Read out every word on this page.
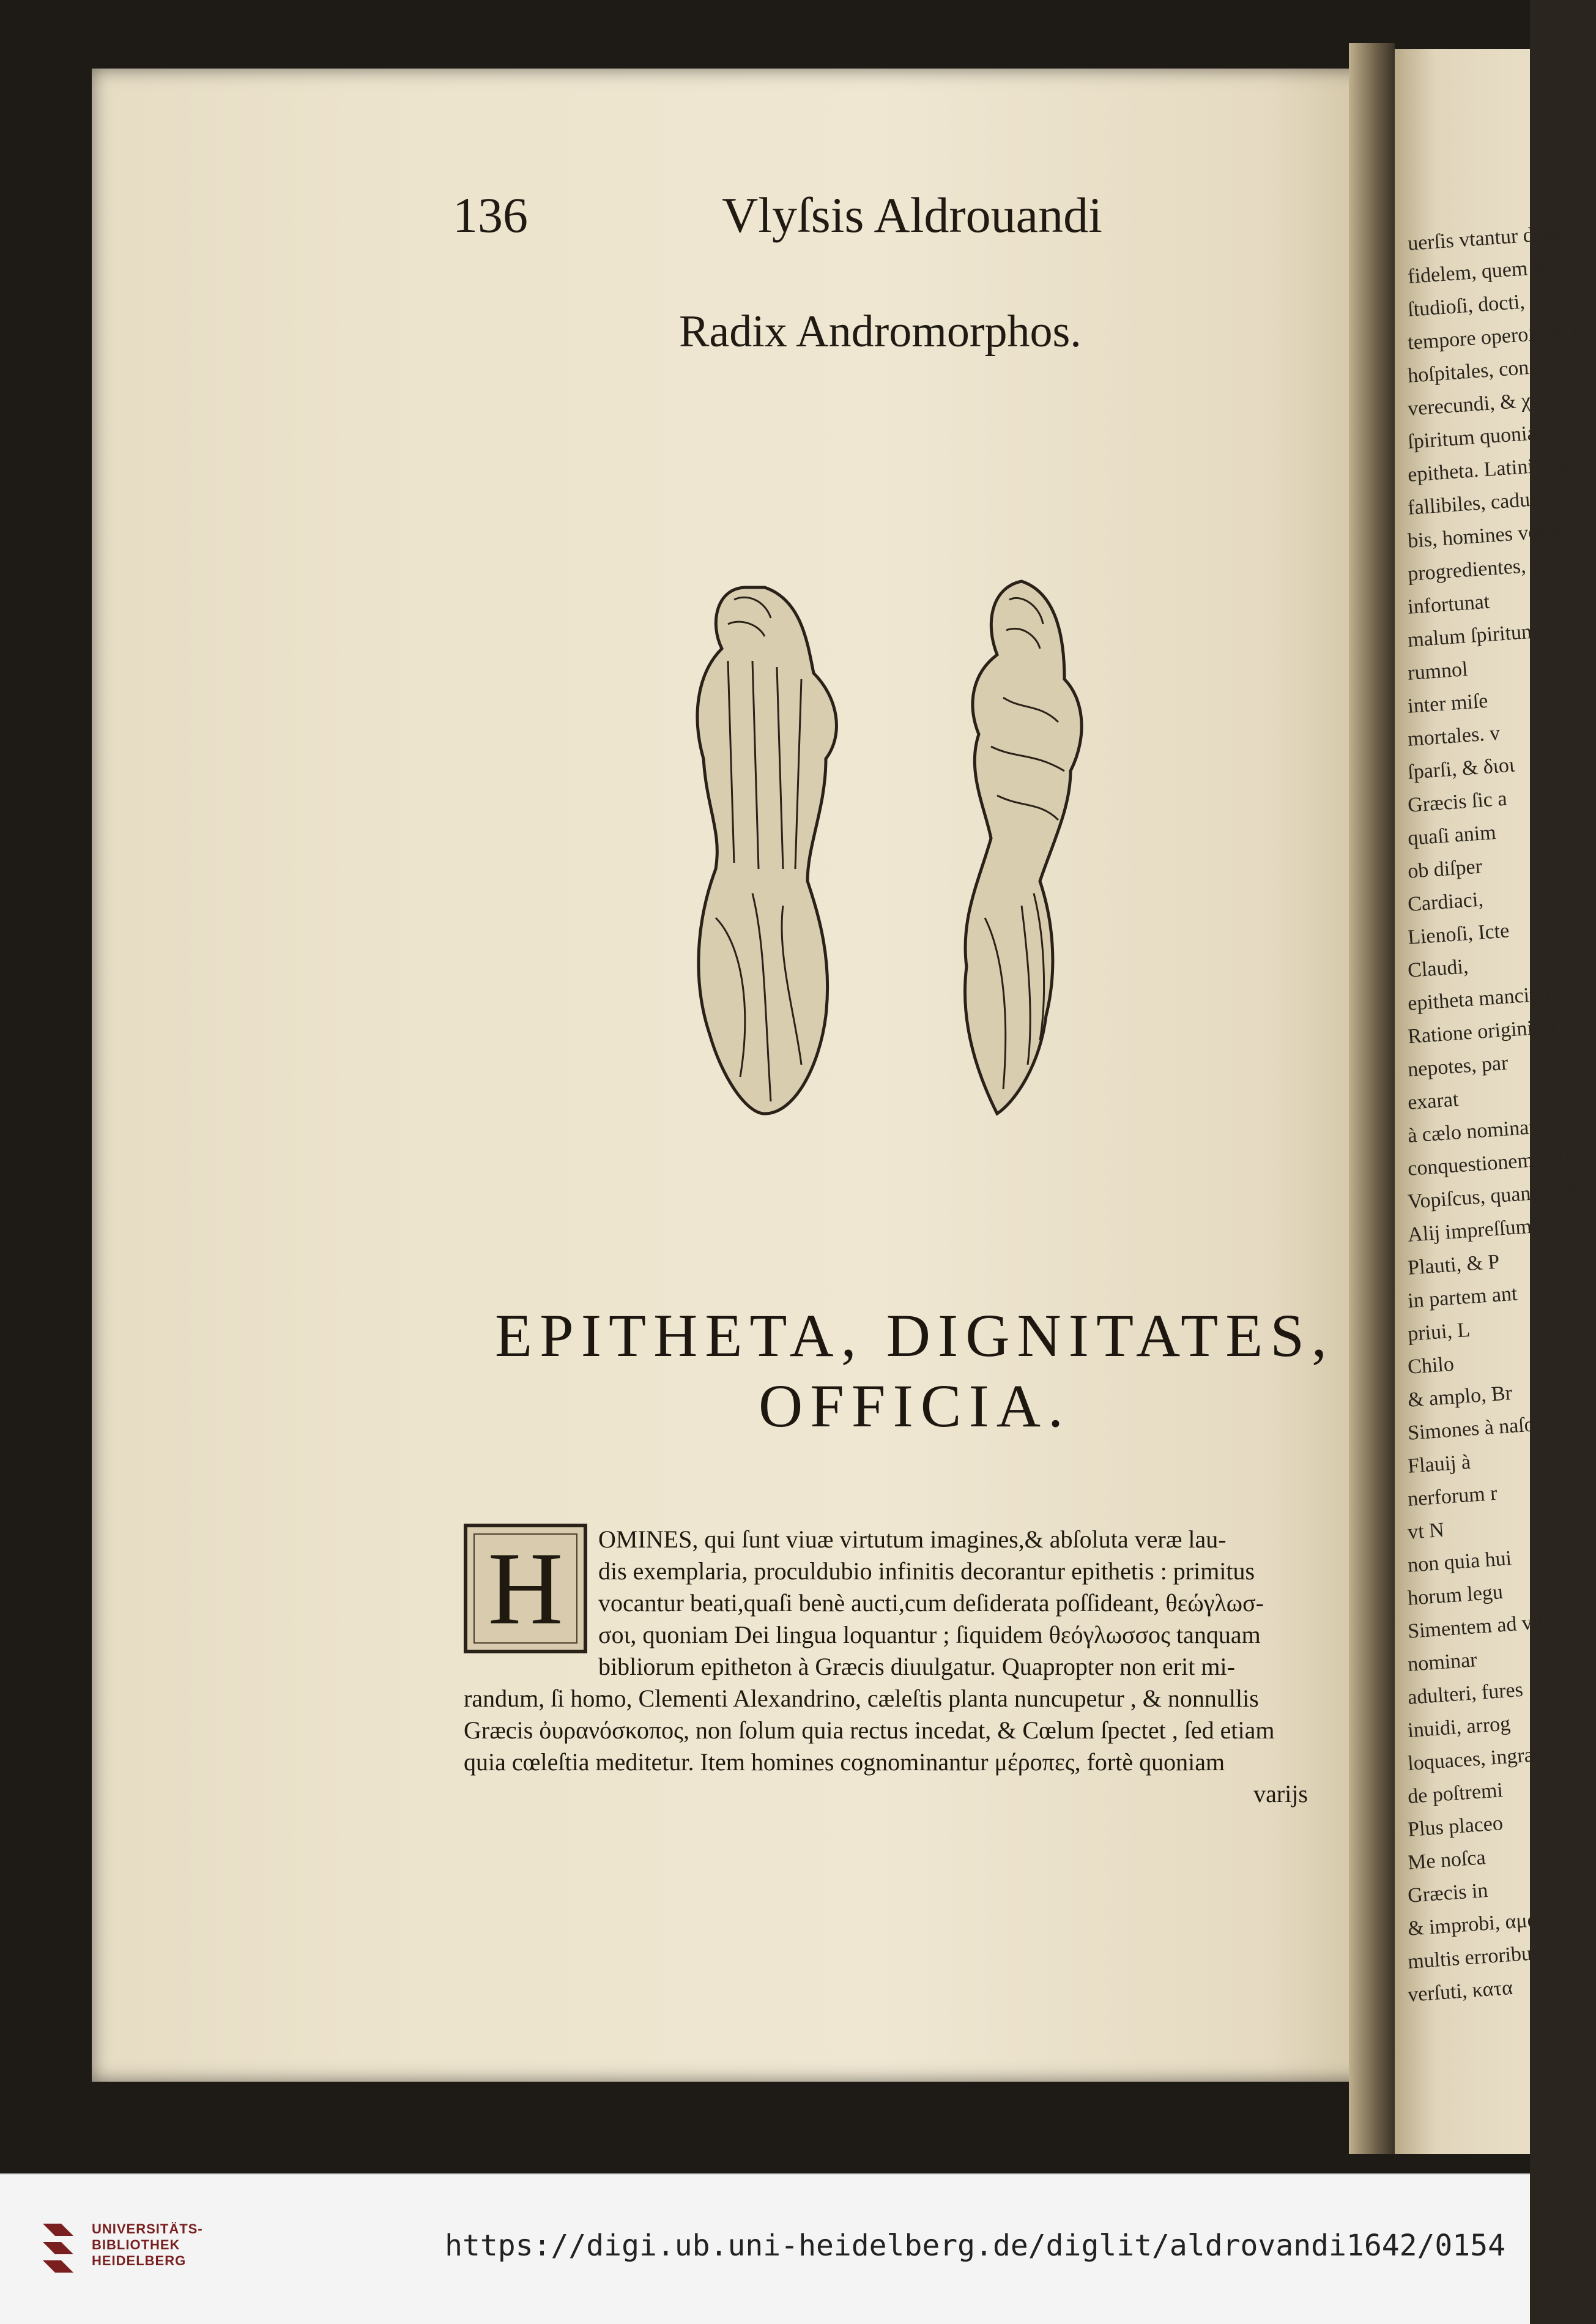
uerſis vtantur dialec
fidelem, quem ſigni
ſtudioſi, docti,
tempore operoſi, & la
hoſpitales, conſt
verecundi, & χ
ſpiritum quoniam
epitheta. Latini eun
fallibiles, caducum,
bis, homines vocan
progredientes, e
infortunat
malum ſpiritum, ſed
rumnol
inter miſe
mortales. v
ſparſi, & διοι
Græcis ſic a
quaſi anim
ob diſper
Cardiaci,
Lienoſi, Icte
Claudi,
epitheta mancipicuntu
Ratione originis a
nepotes, par
exarat
à cælo nominatero, C
conquestionem defunc
Vopiſcus, quando alic
Alij impreſſum a
Plauti, & P
in partem ant
priui, L
Chilo
& amplo, Br
Simones à naſo c
Flauij à
nerforum r
vt N
non quia hui
horum legu
Simentem ad vitia
nominar
adulteri, fures
inuidi, arrog
loquaces, ingrat
de poſtremi
Plus placeo
Me noſca
Græcis in
& improbi, αμα
multis erroribus
verſuti, κατα
136	Vlyſsis Aldrouandi
Radix Andromorphos.
EPITHETA, DIGNITATES,
OFFICIA.
OMINES, qui ſunt viuæ virtutum imagines,& abſoluta veræ lau-
dis exemplaria, proculdubio infinitis decorantur epithetis : primitus
vocantur beati,quaſi benè aucti,cum deſiderata poſſideant, θεώγλωσ-
σοι, quoniam Dei lingua loquantur ; ſiquidem θεόγλωσσος tanquam
bibliorum epitheton à Græcis diuulgatur. Quapropter non erit mi-
randum, ſi homo, Clementi Alexandrino, cæleſtis planta nuncupetur , & nonnullis
Græcis ὀυρανόσκοπος, non ſolum quia rectus incedat, & Cœlum ſpectet , ſed etiam
quia cœleſtia meditetur. Item homines cognominantur μέροπες, fortè quoniam
varijs
H
UNIVERSITÄTS-
BIBLIOTHEK
HEIDELBERG	https://digi.ub.uni-heidelberg.de/diglit/aldrovandi1642/0154
